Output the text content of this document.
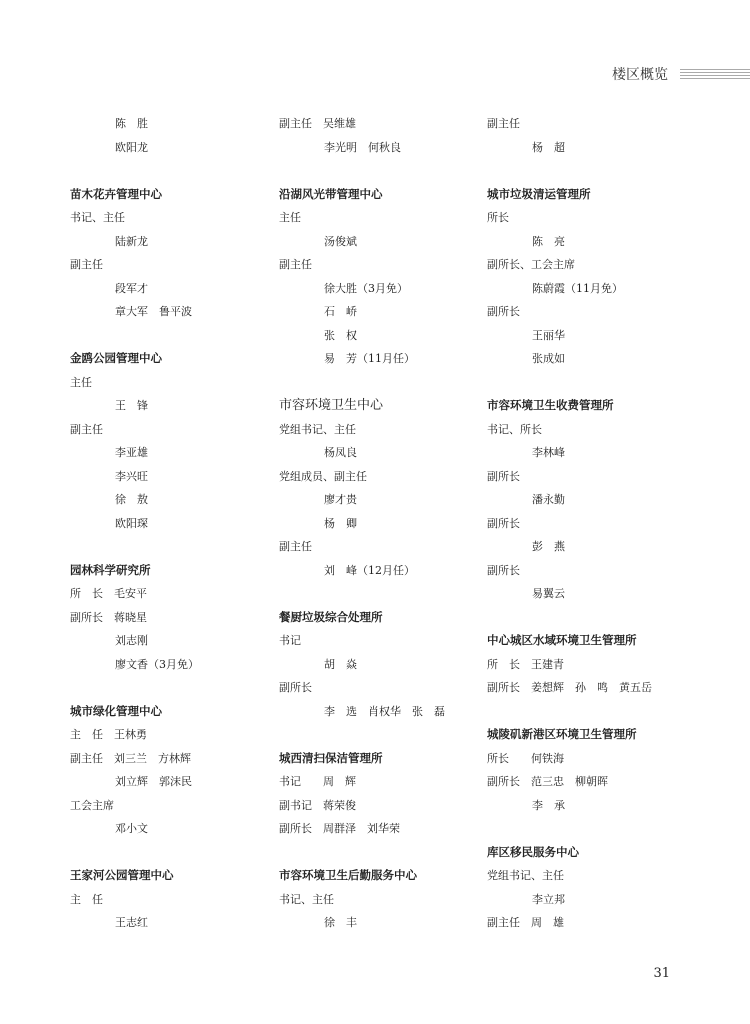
楼区概览
陈　胜
欧阳龙
苗木花卉管理中心
书记、主任
陆新龙
副主任
段军才
章大军　鲁平波
金鸥公园管理中心
主任
王　锋
副主任
李亚雄
李兴旺
徐　敖
欧阳琛
园林科学研究所
所　长　毛安平
副所长　蒋晓星
刘志刚
廖文香（3月免）
城市绿化管理中心
主　任　王林勇
副主任　刘三兰　方林辉
刘立辉　郭沫民
工会主席
邓小文
王家河公园管理中心
主　任
王志红
副主任　吴维雄
李光明　何秋良
沿湖风光带管理中心
主任
汤俊斌
副主任
徐大胜（3月免）
石　峤
张　权
易　芳（11月任）
市容环境卫生中心
党组书记、主任
杨凤良
党组成员、副主任
廖才贵
杨　卿
副主任
刘　峰（12月任）
餐厨垃圾综合处理所
书记
胡　焱
副所长
李　选　肖权华　张　磊
城西清扫保洁管理所
书记　　周　辉
副书记　蒋荣俊
副所长　周群泽　刘华荣
市容环境卫生后勤服务中心
书记、主任
徐　丰
副主任
杨　超
城市垃圾清运管理所
所长
陈　亮
副所长、工会主席
陈蔚霞（11月免）
副所长
王丽华
张成如
市容环境卫生收费管理所
书记、所长
李林峰
副所长
潘永勤
副所长
彭　燕
副所长
易翼云
中心城区水域环境卫生管理所
所　长　王建青
副所长　姜想辉　孙　鸣　黄五岳
城陵矶新港区环境卫生管理所
所长　　何铁海
副所长　范三忠　柳朝晖
李　承
库区移民服务中心
党组书记、主任
李立邦
副主任　周　雄
31
